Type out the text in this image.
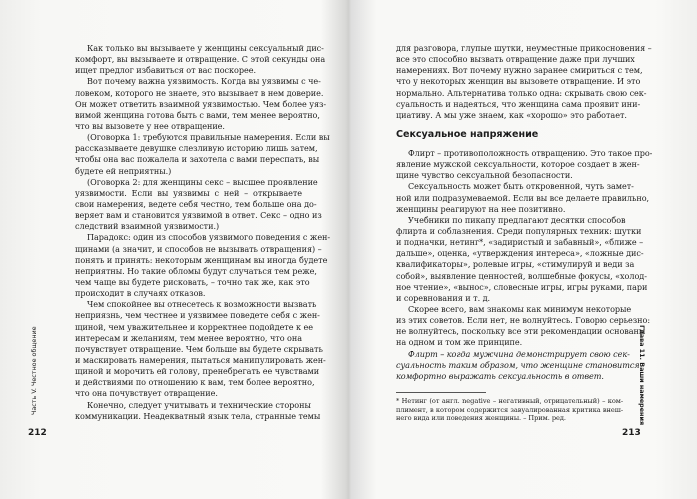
Как только вы вызываете у женщины сексуальный дис-
комфорт, вы вызываете и отвращение. С этой секунды она
ищет предлог избавиться от вас поскорее.
Вот почему важна уязвимость. Когда вы уязвимы с че-
ловеком, которого не знаете, это вызывает в нем доверие.
Он может ответить взаимной уязвимостью. Чем более уяз-
вимой женщина готова быть с вами, тем менее вероятно,
что вы вызовете у нее отвращение.
(Оговорка 1: требуются правильные намерения. Если вы
рассказываете девушке слезливую историю лишь затем,
чтобы она вас пожалела и захотела с вами переспать, вы
будете ей неприятны.)
(Оговорка 2: для женщины секс – высшее проявление
уязвимости. Если вы уязвимы с ней – открываете
свои намерения, ведете себя честно, тем больше она до-
веряет вам и становится уязвимой в ответ. Секс – одно из
следствий взаимной уязвимости.)
Парадокс: один из способов уязвимого поведения с жен-
щинами (а значит, и способов не вызывать отвращения) –
понять и принять: некоторым женщинам вы иногда будете
неприятны. Но такие обломы будут случаться тем реже,
чем чаще вы будете рисковать, – точно так же, как это
происходит в случаях отказов.
Чем спокойнее вы отнесетесь к возможности вызвать
неприязнь, чем честнее и уязвимее поведете себя с жен-
щиной, чем уважительнее и корректнее подойдете к ее
интересам и желаниям, тем менее вероятно, что она
почувствует отвращение. Чем больше вы будете скрывать
и маскировать намерения, пытаться манипулировать жен-
щиной и морочить ей голову, пренебрегать ее чувствами
и действиями по отношению к вам, тем более вероятно,
что она почувствует отвращение.
Конечно, следует учитывать и технические стороны
коммуникации. Неадекватный язык тела, странные темы
Часть V. Честное общение
212
для разговора, глупые шутки, неуместные прикосновения –
все это способно вызвать отвращение даже при лучших
намерениях. Вот почему нужно заранее смириться с тем,
что у некоторых женщин вы вызовете отвращение. И это
нормально. Альтернатива только одна: скрывать свою сек-
суальность и надеяться, что женщина сама проявит ини-
циативу. А мы уже знаем, как «хорошо» это работает.
Сексуальное напряжение
Флирт – противоположность отвращению. Это такое про-
явление мужской сексуальности, которое создает в жен-
щине чувство сексуальной безопасности.
Сексуальность может быть откровенной, чуть замет-
ной или подразумеваемой. Если вы все делаете правильно,
женщины реагируют на нее позитивно.
Учебники по пикапу предлагают десятки способов
флирта и соблазнения. Среди популярных техник: шутки
и подначки, нетинг*, «задиристый и забавный», «ближе –
дальше», оценка, «утверждения интереса», «ложные дис-
квалификаторы», ролевые игры, «стимулируй и веди за
собой», выявление ценностей, волшебные фокусы, «холод-
ное чтение», «вынос», словесные игры, игры руками, пари
и соревнования и т. д.
Скорее всего, вам знакомы как минимум некоторые
из этих советов. Если нет, не волнуйтесь. Говорю серьезно:
не волнуйтесь, поскольку все эти рекомендации основаны
на одном и том же принципе.
Флирт – когда мужчина демонстрирует свою сек-
суальность таким образом, что женщине становится
комфортно выражать сексуальность в ответ.
* Нетинг (от англ. negative – негативный, отрицательный) – ком-
плимент, в котором содержится завуалированная критика внеш-
него вида или поведения женщины. – Прим. ред.	Глава 11. Ваши намерения
213
